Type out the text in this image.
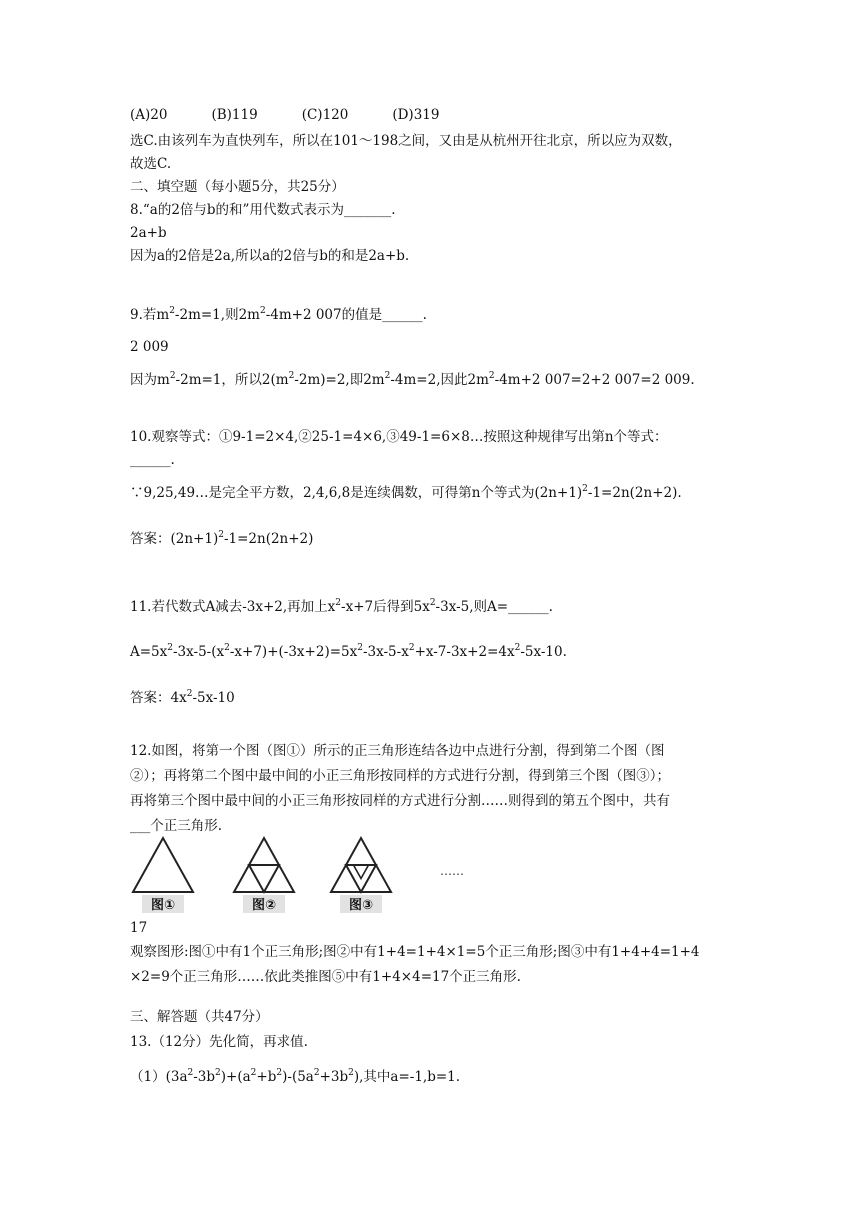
(A)20	(B)119	(C)120	(D)319
选C.由该列车为直快列车，所以在101～198之间，又由是从杭州开往北京，所以应为双数，
故选C.
二、填空题（每小题5分，共25分）
8.“a的2倍与b的和”用代数式表示为_______.
2a+b
因为a的2倍是2a,所以a的2倍与b的和是2a+b.
9.若$m^2-2m=1$,则$2m^2-4m+2$ 007的值是______.
2 009
因为$m^2-2m=1$，所以$2(m^2-2m)=2$,即$2m^2-4m=2$,因此$2m^2-4m+2$ 007=2+2 007=2 009.
10.观察等式：①9-1=2×4,②25-1=4×6,③49-1=6×8…按照这种规律写出第n个等式：
______.
∵9,25,49…是完全平方数，2,4,6,8是连续偶数，可得第n个等式为$(2n+1)^2-1=2n(2n+2)$.
答案：$(2n+1)^2-1=2n(2n+2)$
11.若代数式A减去-3x+2,再加上$x^2-x+7$后得到$5x^2-3x-5$,则A=______.
$A=5x^2-3x-5-(x^2-x+7)+(-3x+2)=5x^2-3x-5-x^2+x-7-3x+2=4x^2-5x-10$.
答案：$4x^2-5x-10$
12.如图，将第一个图（图①）所示的正三角形连结各边中点进行分割，得到第二个图（图
②）；再将第二个图中最中间的小正三角形按同样的方式进行分割，得到第三个图（图③）；
再将第三个图中最中间的小正三角形按同样的方式进行分割……则得到的第五个图中，共有
___个正三角形.
图①	图②	图③
……
17
观察图形:图①中有1个正三角形;图②中有1+4=1+4×1=5个正三角形;图③中有1+4+4=1+4
×2=9个正三角形……依此类推图⑤中有1+4×4=17个正三角形.
三、解答题（共47分）
13.（12分）先化简，再求值.
$(1)(3a^2-3b^2)+(a^2+b^2)-(5a^2+3b^2)$,其中a=-1,b=1.
